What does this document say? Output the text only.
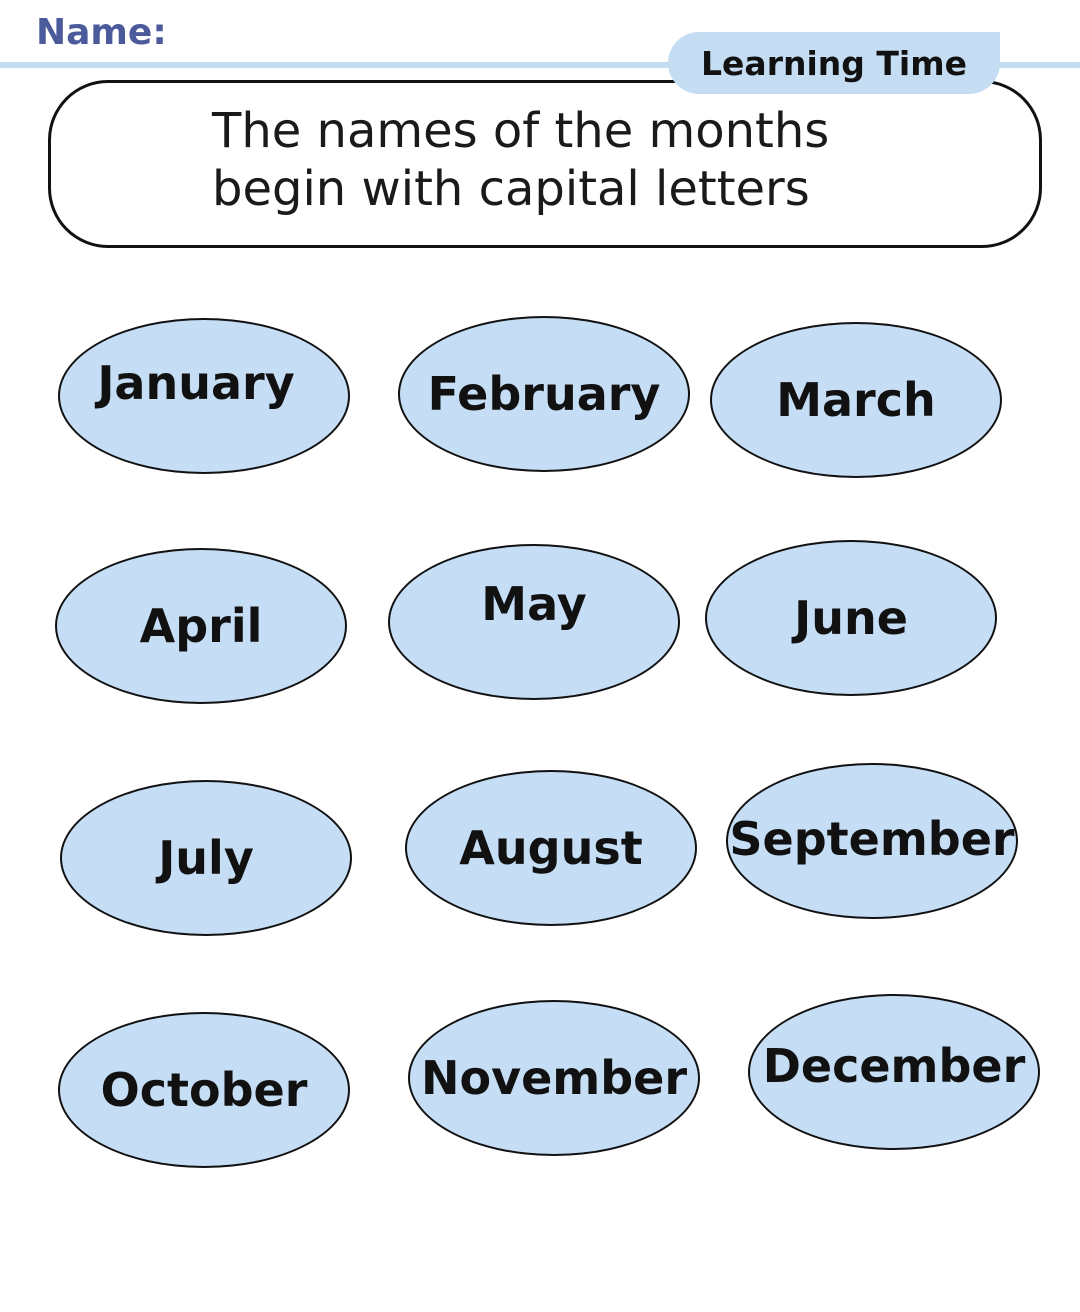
Name:
The names of the months
begin with capital letters
Learning Time
January	February	March
April	May	June
July	August September
October November December
